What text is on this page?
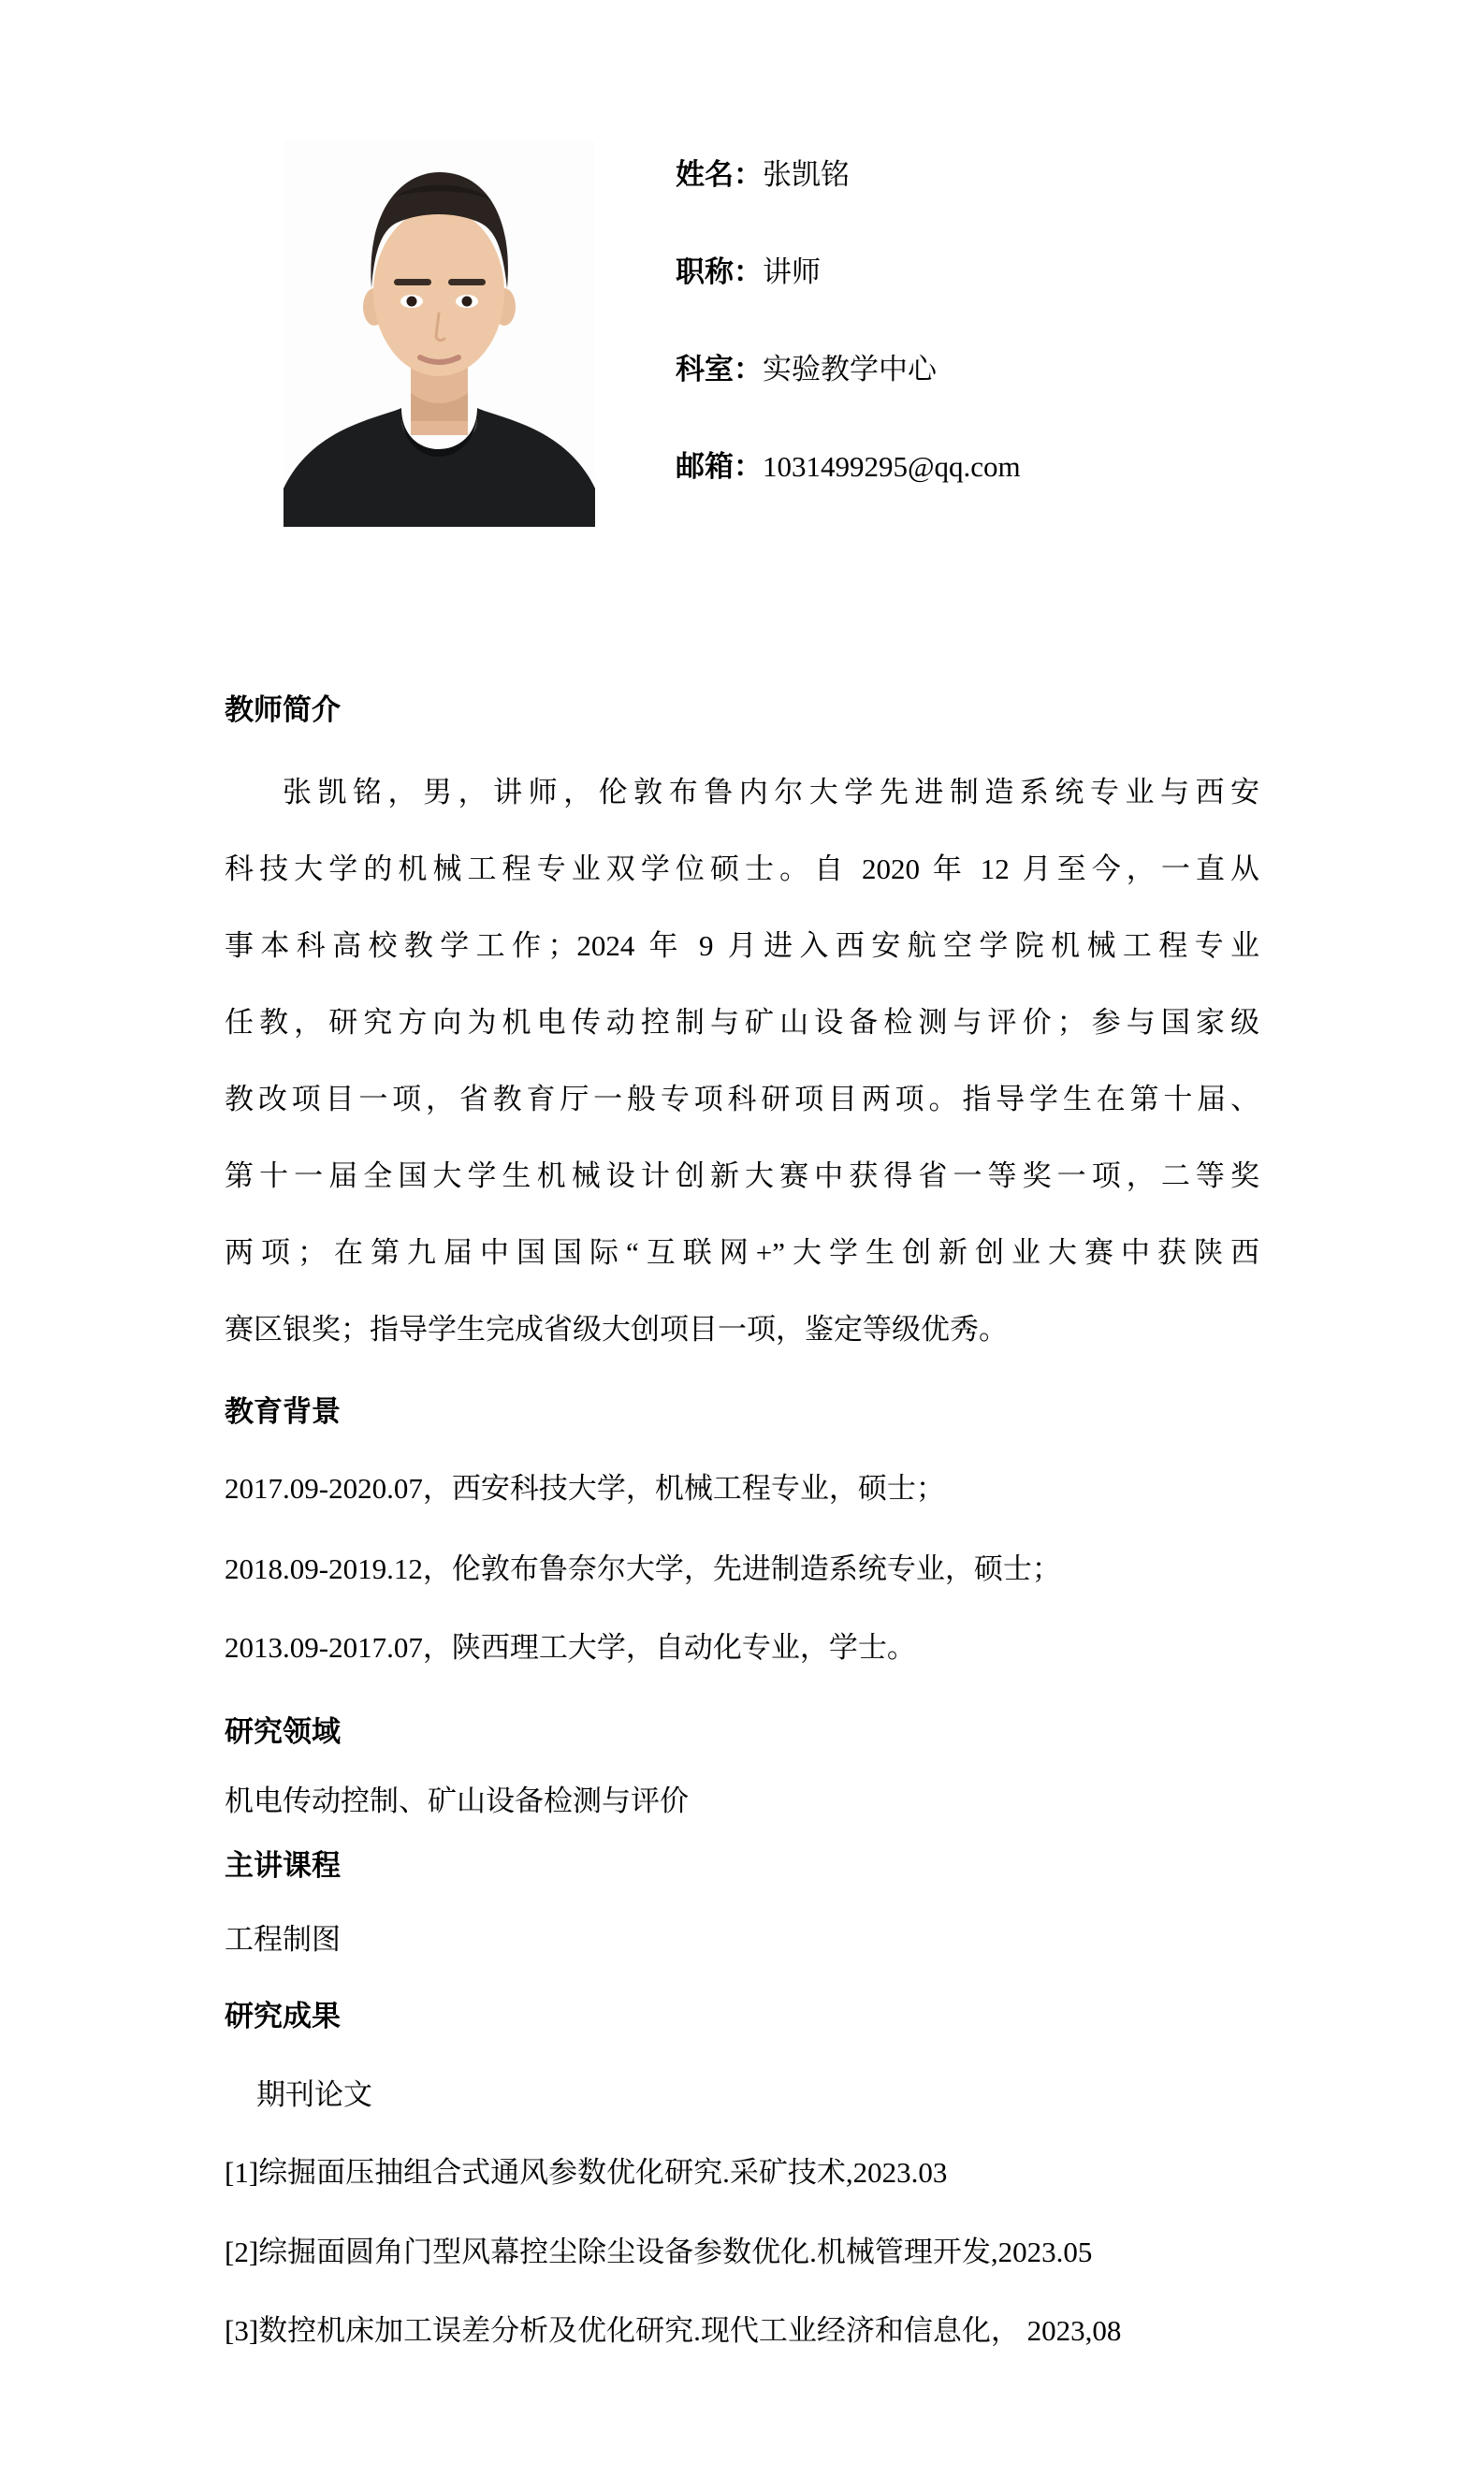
姓名：张凯铭
职称：讲师
科室：实验教学中心
邮箱：1031499295@qq.com
教师简介
张凯铭，男，讲师，伦敦布鲁内尔大学先进制造系统专业与西安
科技大学的机械工程专业双学位硕士。自 2020 年 12 月至今，一直从
事本科高校教学工作；2024 年 9 月进入西安航空学院机械工程专业
任教，研究方向为机电传动控制与矿山设备检测与评价；参与国家级
教改项目一项，省教育厅一般专项科研项目两项。指导学生在第十届、
第十一届全国大学生机械设计创新大赛中获得省一等奖一项，二等奖
两项；在第九届中国国际“互联网+”大学生创新创业大赛中获陕西
赛区银奖；指导学生完成省级大创项目一项，鉴定等级优秀。
教育背景
2017.09-2020.07，西安科技大学，机械工程专业，硕士；
2018.09-2019.12，伦敦布鲁奈尔大学，先进制造系统专业，硕士；
2013.09-2017.07，陕西理工大学，自动化专业，学士。
研究领域
机电传动控制、矿山设备检测与评价
主讲课程
工程制图
研究成果
期刊论文
[1]综掘面压抽组合式通风参数优化研究.采矿技术,2023.03
[2]综掘面圆角门型风幕控尘除尘设备参数优化.机械管理开发,2023.05
[3]数控机床加工误差分析及优化研究.现代工业经济和信息化， 2023,08
